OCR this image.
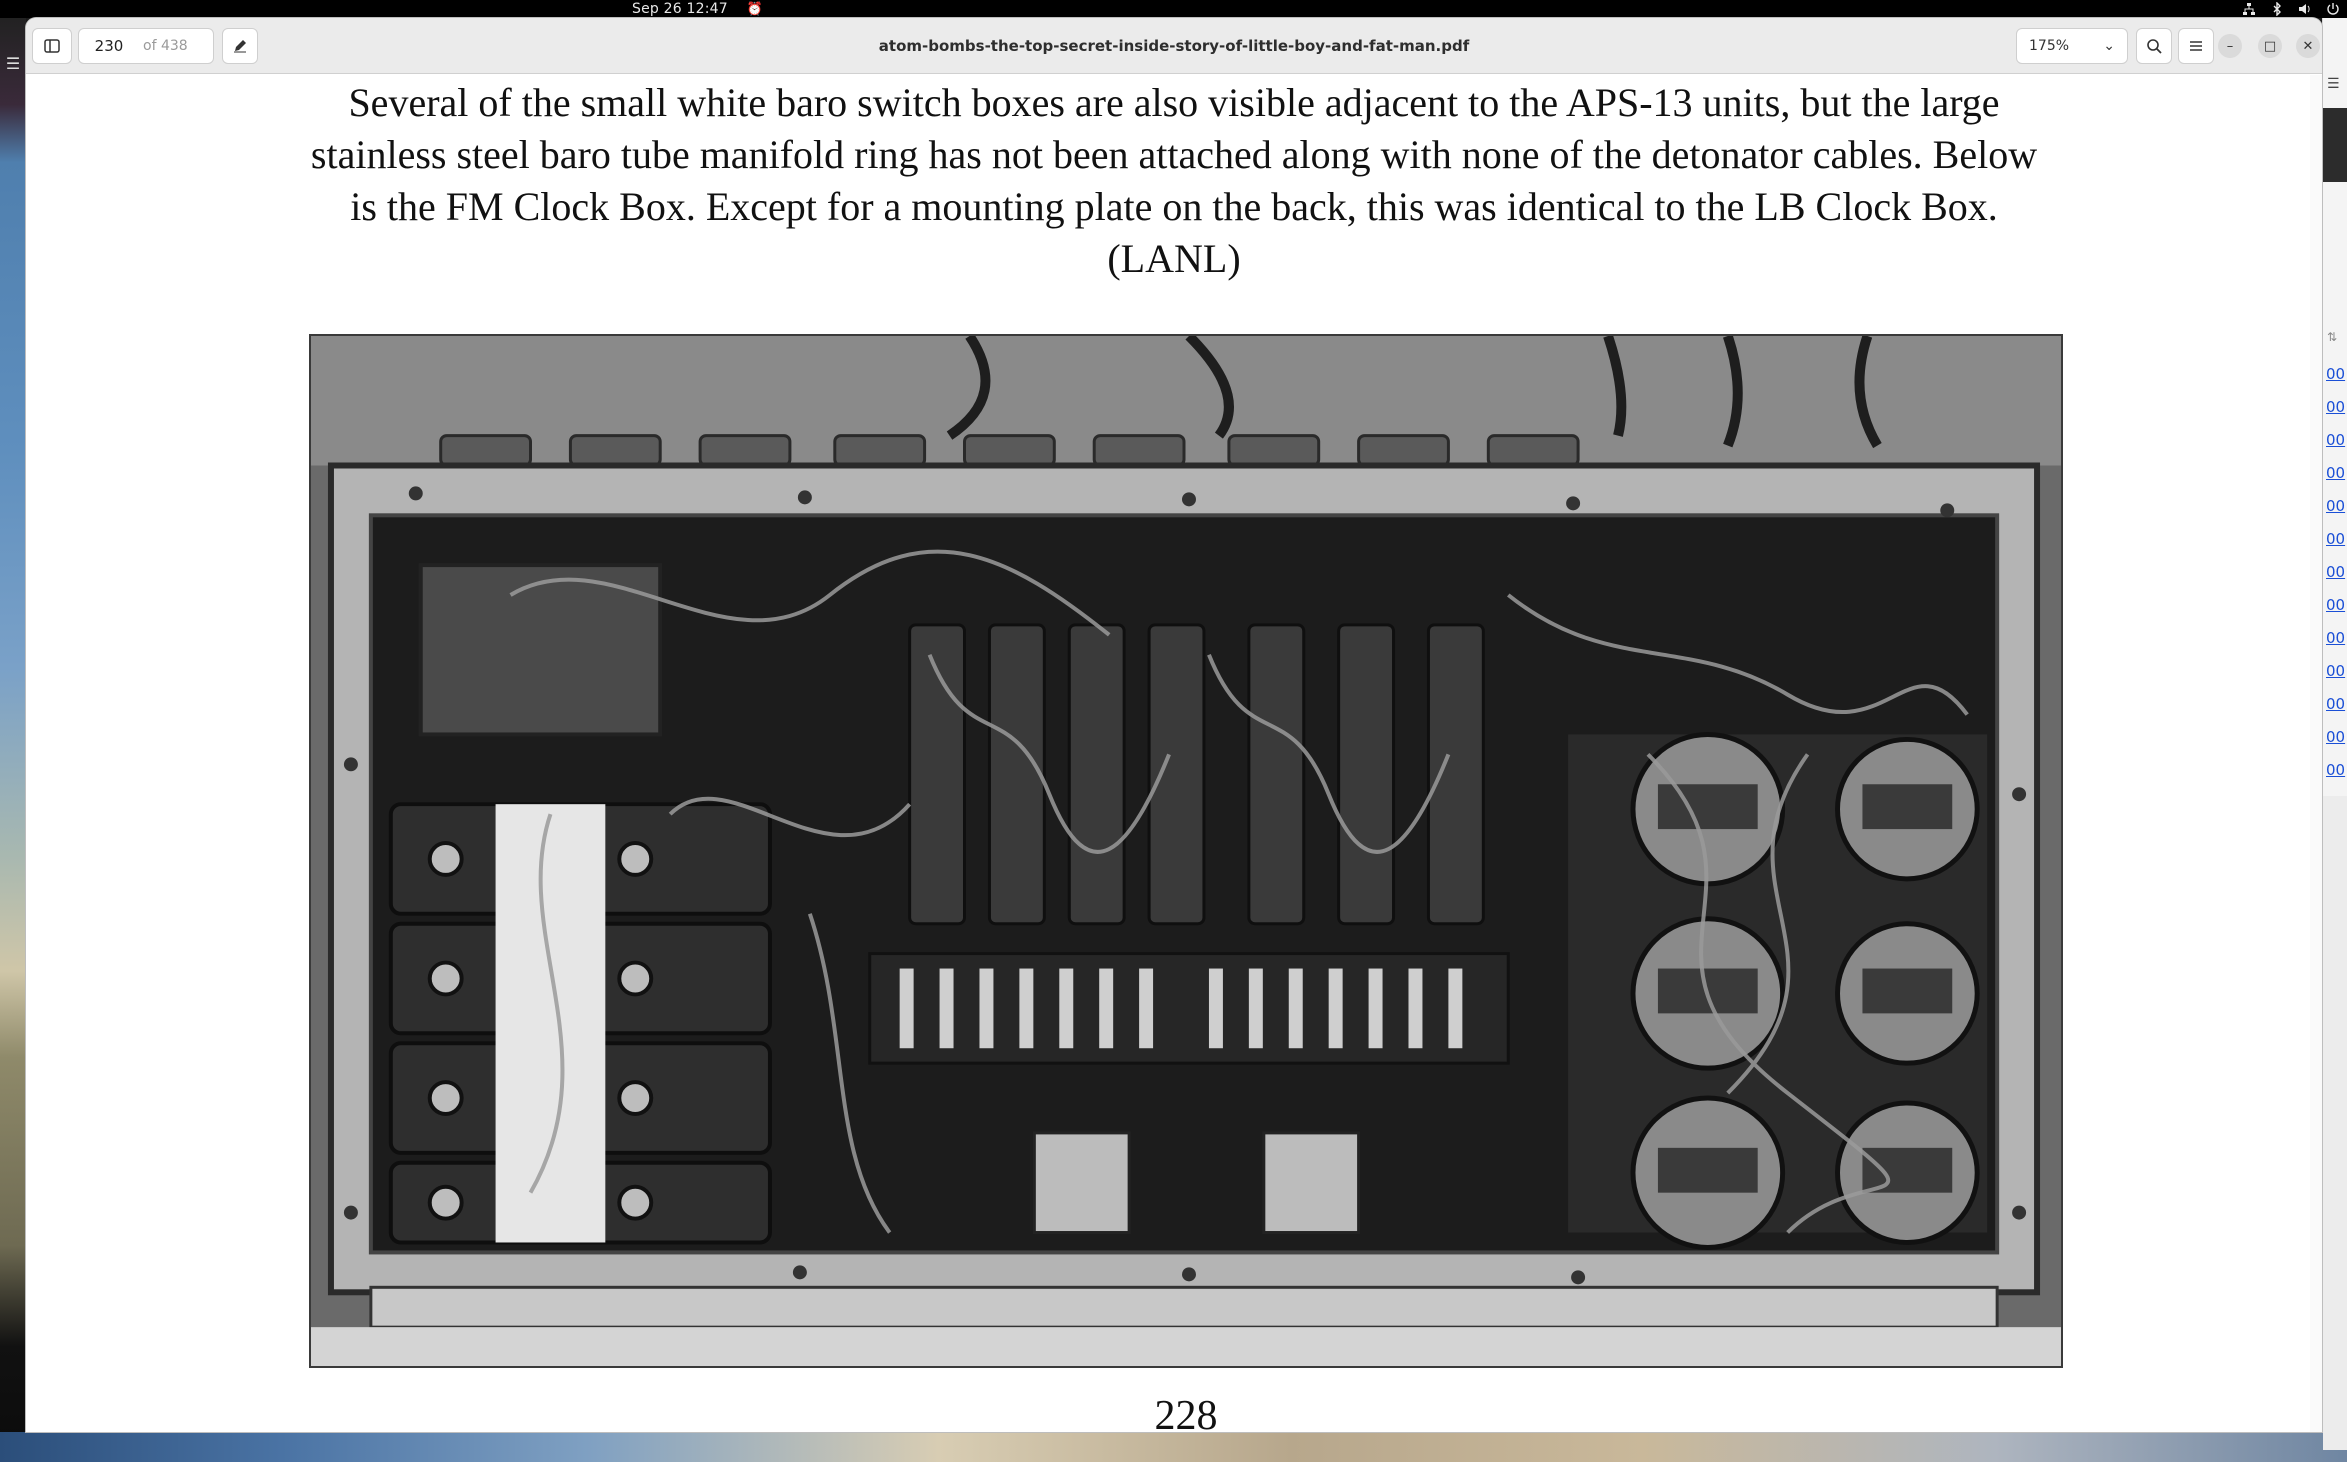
Sep 26 12:47 ⏰
☰
☰
⇅
00
00
00
00
00
00
00
00
00
00
00
00
00
230
of 438	atom-bombs-the-top-secret-inside-story-of-little-boy-and-fat-man.pdf	175% ⌄	– □ ✕
Several of the small white baro switch boxes are also visible adjacent to the APS-13 units, but the large
stainless steel baro tube manifold ring has not been attached along with none of the detonator cables. Below
is the FM Clock Box. Except for a mounting plate on the back, this was identical to the LB Clock Box.
(LANL)
228
